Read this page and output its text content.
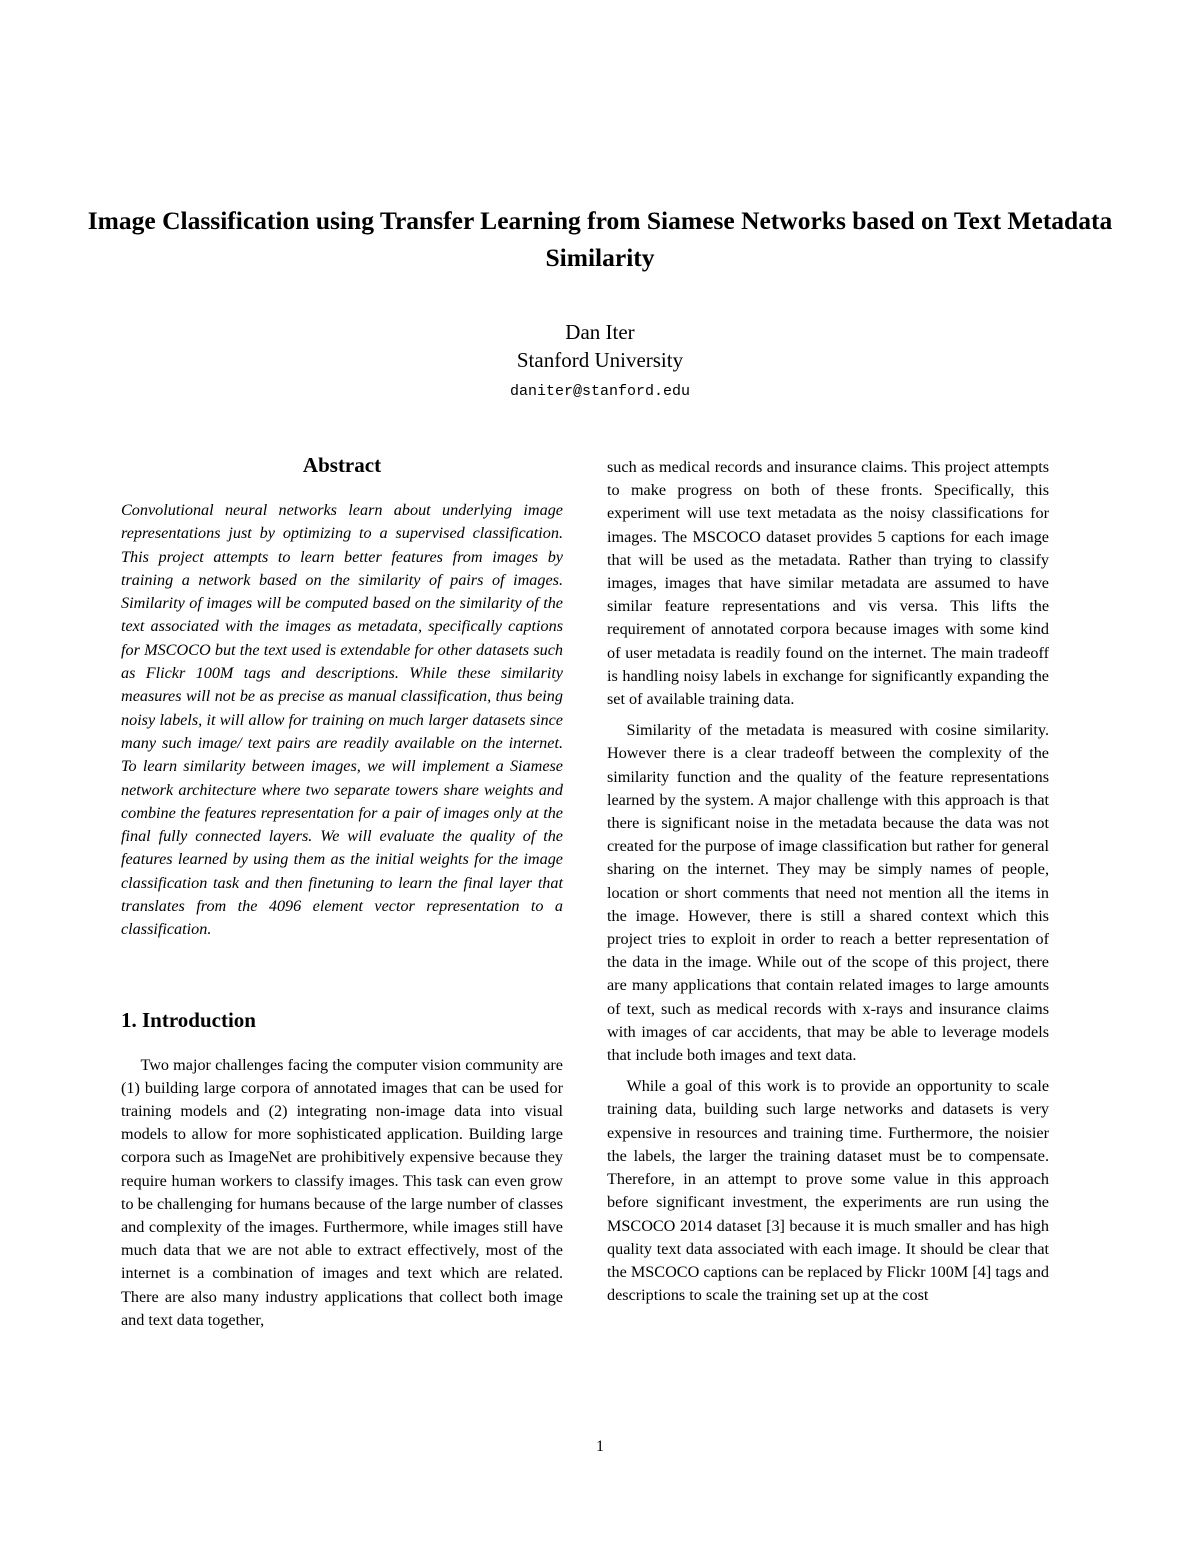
Image Classification using Transfer Learning from Siamese Networks based on Text Metadata Similarity
Dan Iter
Stanford University
daniter@stanford.edu
Abstract

Convolutional neural networks learn about underlying image representations just by optimizing to a supervised classification. This project attempts to learn better features from images by training a network based on the similarity of pairs of images. Similarity of images will be computed based on the similarity of the text associated with the images as metadata, specifically captions for MSCOCO but the text used is extendable for other datasets such as Flickr 100M tags and descriptions. While these similarity measures will not be as precise as manual classification, thus being noisy labels, it will allow for training on much larger datasets since many such image/ text pairs are readily available on the internet. To learn similarity between images, we will implement a Siamese network architecture where two separate towers share weights and combine the features representation for a pair of images only at the final fully connected layers. We will evaluate the quality of the features learned by using them as the initial weights for the image classification task and then finetuning to learn the final layer that translates from the 4096 element vector representation to a classification.

1. Introduction

Two major challenges facing the computer vision community are (1) building large corpora of annotated images that can be used for training models and (2) integrating non-image data into visual models to allow for more sophisticated application. Building large corpora such as ImageNet are prohibitively expensive because they require human workers to classify images. This task can even grow to be challenging for humans because of the large number of classes and complexity of the images. Furthermore, while images still have much data that we are not able to extract effectively, most of the internet is a combination of images and text which are related. There are also many industry applications that collect both image and text data together,

such as medical records and insurance claims. This project attempts to make progress on both of these fronts. Specifically, this experiment will use text metadata as the noisy classifications for images. The MSCOCO dataset provides 5 captions for each image that will be used as the metadata. Rather than trying to classify images, images that have similar metadata are assumed to have similar feature representations and vis versa. This lifts the requirement of annotated corpora because images with some kind of user metadata is readily found on the internet. The main tradeoff is handling noisy labels in exchange for significantly expanding the set of available training data.

Similarity of the metadata is measured with cosine similarity. However there is a clear tradeoff between the complexity of the similarity function and the quality of the feature representations learned by the system. A major challenge with this approach is that there is significant noise in the metadata because the data was not created for the purpose of image classification but rather for general sharing on the internet. They may be simply names of people, location or short comments that need not mention all the items in the image. However, there is still a shared context which this project tries to exploit in order to reach a better representation of the data in the image. While out of the scope of this project, there are many applications that contain related images to large amounts of text, such as medical records with x-rays and insurance claims with images of car accidents, that may be able to leverage models that include both images and text data.

While a goal of this work is to provide an opportunity to scale training data, building such large networks and datasets is very expensive in resources and training time. Furthermore, the noisier the labels, the larger the training dataset must be to compensate. Therefore, in an attempt to prove some value in this approach before significant investment, the experiments are run using the MSCOCO 2014 dataset [3] because it is much smaller and has high quality text data associated with each image. It should be clear that the MSCOCO captions can be replaced by Flickr 100M [4] tags and descriptions to scale the training set up at the cost

1
